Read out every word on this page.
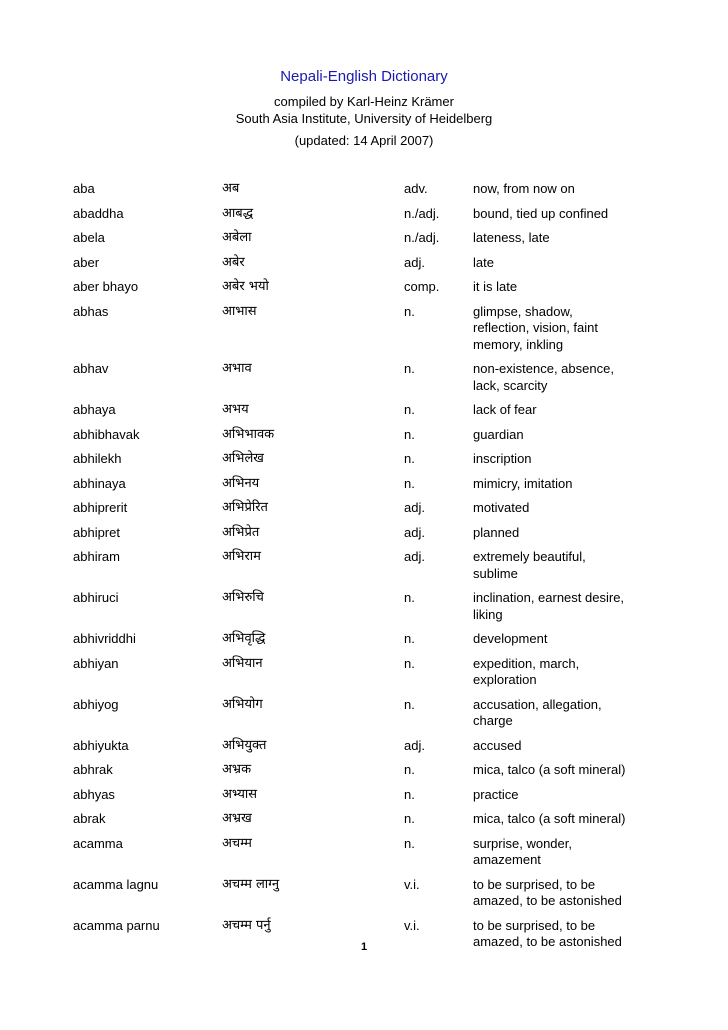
Nepali-English Dictionary
compiled by Karl-Heinz Krämer
South Asia Institute, University of Heidelberg
(updated: 14 April 2007)
aba	अब	adv.	now, from now on
abaddha	आबद्ध	n./adj.	bound, tied up confined
abela	अबेला	n./adj.	lateness, late
aber	अबेर	adj.	late
aber bhayo	अबेर भयो	comp.	it is late
abhas	आभास	n.	glimpse, shadow,
reflection, vision, faint
memory, inkling
abhav	अभाव	n.	non-existence, absence,
lack, scarcity
abhaya	अभय	n.	lack of fear
abhibhavak	अभिभावक	n.	guardian
abhilekh	अभिलेख	n.	inscription
abhinaya	अभिनय	n.	mimicry, imitation
abhiprerit	अभिप्रेरित	adj.	motivated
abhipret	अभिप्रेत	adj.	planned
abhiram	अभिराम	adj.	extremely beautiful,
sublime
abhiruci	अभिरुचि	n.	inclination, earnest desire,
liking
abhivriddhi	अभिवृद्धि	n.	development
abhiyan	अभियान	n.	expedition, march,
exploration
abhiyog	अभियोग	n.	accusation, allegation,
charge
abhiyukta	अभियुक्त	adj.	accused
abhrak	अभ्रक	n.	mica, talco (a soft mineral)
abhyas	अभ्यास	n.	practice
abrak	अभ्रख	n.	mica, talco (a soft mineral)
acamma	अचम्म	n.	surprise, wonder,
amazement
acamma lagnu	अचम्म लाग्नु	v.i.	to be surprised, to be
amazed, to be astonished
acamma parnu	अचम्म पर्नु	v.i.	to be surprised, to be
amazed, to be astonished
1
